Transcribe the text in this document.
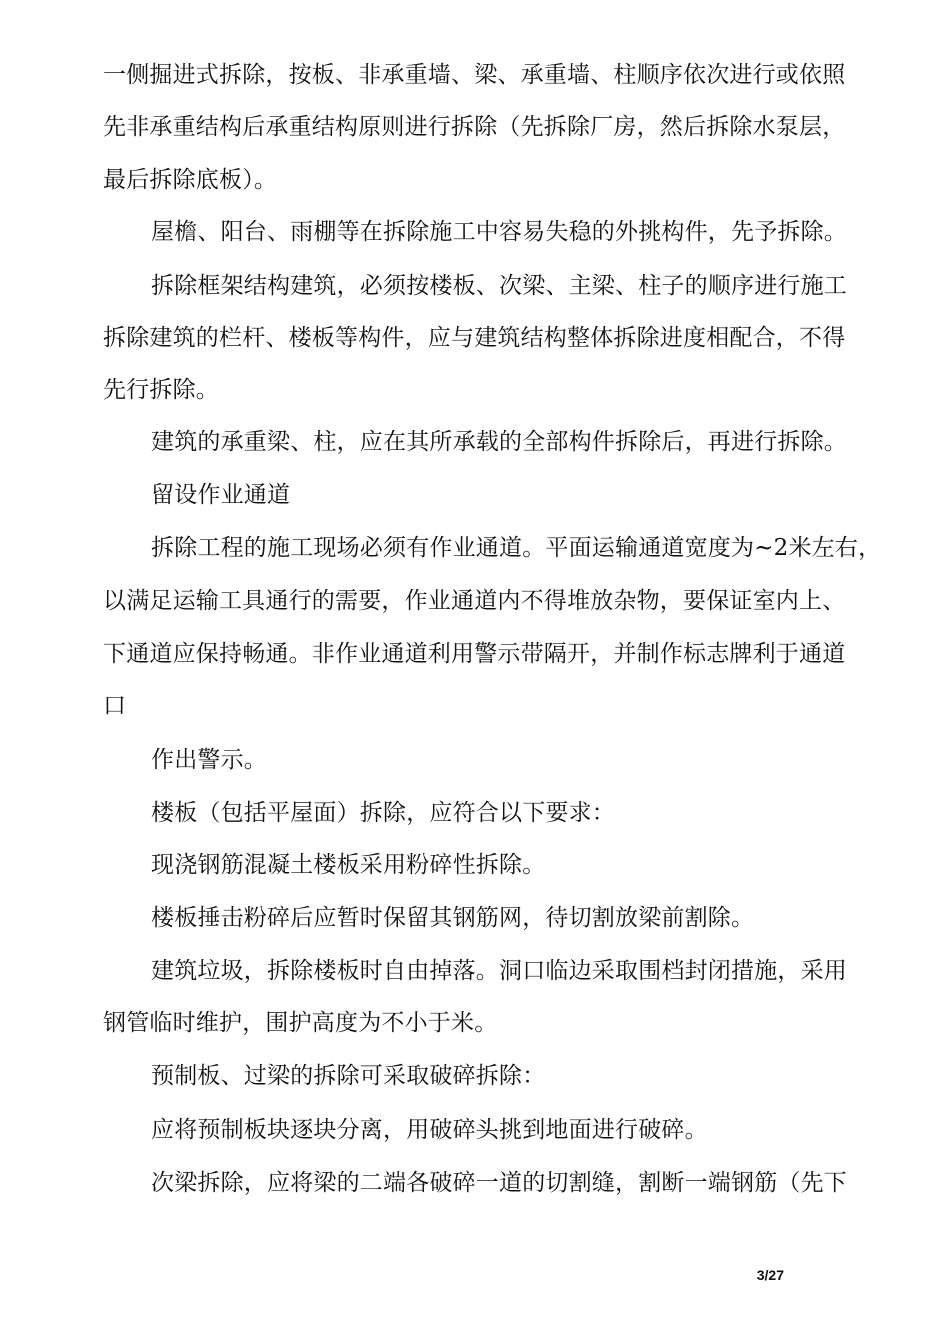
一侧掘进式拆除，按板、非承重墙、梁、承重墙、柱顺序依次进行或依照
先非承重结构后承重结构原则进行拆除（先拆除厂房，然后拆除水泵层，
最后拆除底板）。
屋檐、阳台、雨棚等在拆除施工中容易失稳的外挑构件，先予拆除。
拆除框架结构建筑，必须按楼板、次梁、主梁、柱子的顺序进行施工
拆除建筑的栏杆、楼板等构件，应与建筑结构整体拆除进度相配合，不得
先行拆除。
建筑的承重梁、柱，应在其所承载的全部构件拆除后，再进行拆除。
留设作业通道
拆除工程的施工现场必须有作业通道。平面运输通道宽度为~2米左右，
以满足运输工具通行的需要，作业通道内不得堆放杂物，要保证室内上、
下通道应保持畅通。非作业通道利用警示带隔开，并制作标志牌利于通道
口
作出警示。
楼板（包括平屋面）拆除，应符合以下要求：
现浇钢筋混凝土楼板采用粉碎性拆除。
楼板捶击粉碎后应暂时保留其钢筋网，待切割放梁前割除。
建筑垃圾，拆除楼板时自由掉落。洞口临边采取围档封闭措施，采用
钢管临时维护，围护高度为不小于米。
预制板、过梁的拆除可采取破碎拆除：
应将预制板块逐块分离，用破碎头挑到地面进行破碎。
次梁拆除，应将梁的二端各破碎一道的切割缝，割断一端钢筋（先下
3/27
